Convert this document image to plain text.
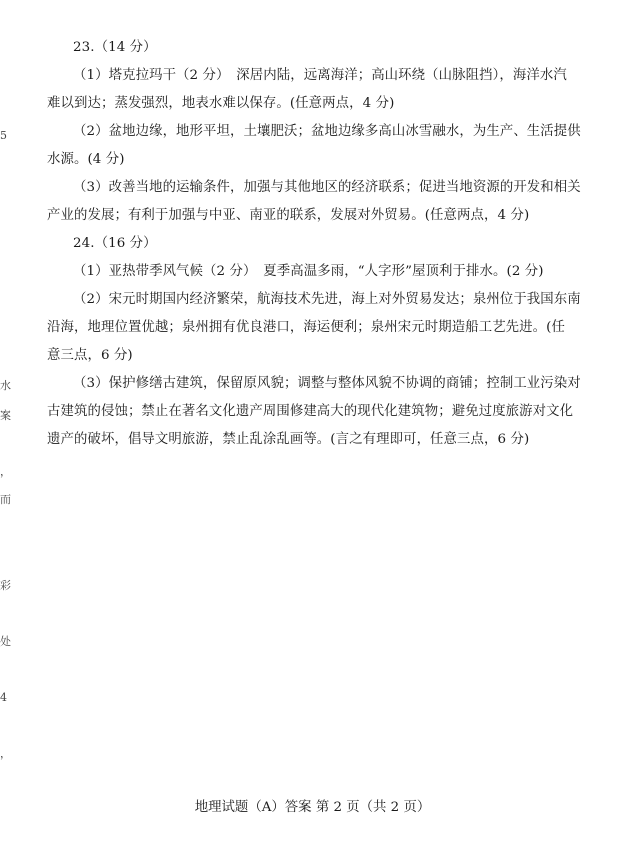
5
水
案
，
而
彩
处
4
，
23.（14 分）
（1）塔克拉玛干（2 分）　深居内陆，远离海洋；高山环绕（山脉阻挡），海洋水汽
难以到达；蒸发强烈，地表水难以保存。(任意两点，4 分)
（2）盆地边缘，地形平坦，土壤肥沃；盆地边缘多高山冰雪融水，为生产、生活提供
水源。(4 分)
（3）改善当地的运输条件，加强与其他地区的经济联系；促进当地资源的开发和相关
产业的发展；有利于加强与中亚、南亚的联系，发展对外贸易。(任意两点，4 分)
24.（16 分）
（1）亚热带季风气候（2 分）　夏季高温多雨，“人字形”屋顶利于排水。(2 分)
（2）宋元时期国内经济繁荣，航海技术先进，海上对外贸易发达；泉州位于我国东南
沿海，地理位置优越；泉州拥有优良港口，海运便利；泉州宋元时期造船工艺先进。(任
意三点，6 分)
（3）保护修缮古建筑，保留原风貌；调整与整体风貌不协调的商铺；控制工业污染对
古建筑的侵蚀；禁止在著名文化遗产周围修建高大的现代化建筑物；避免过度旅游对文化
遗产的破坏，倡导文明旅游，禁止乱涂乱画等。(言之有理即可，任意三点，6 分)
地理试题（A）答案 第 2 页（共 2 页）
